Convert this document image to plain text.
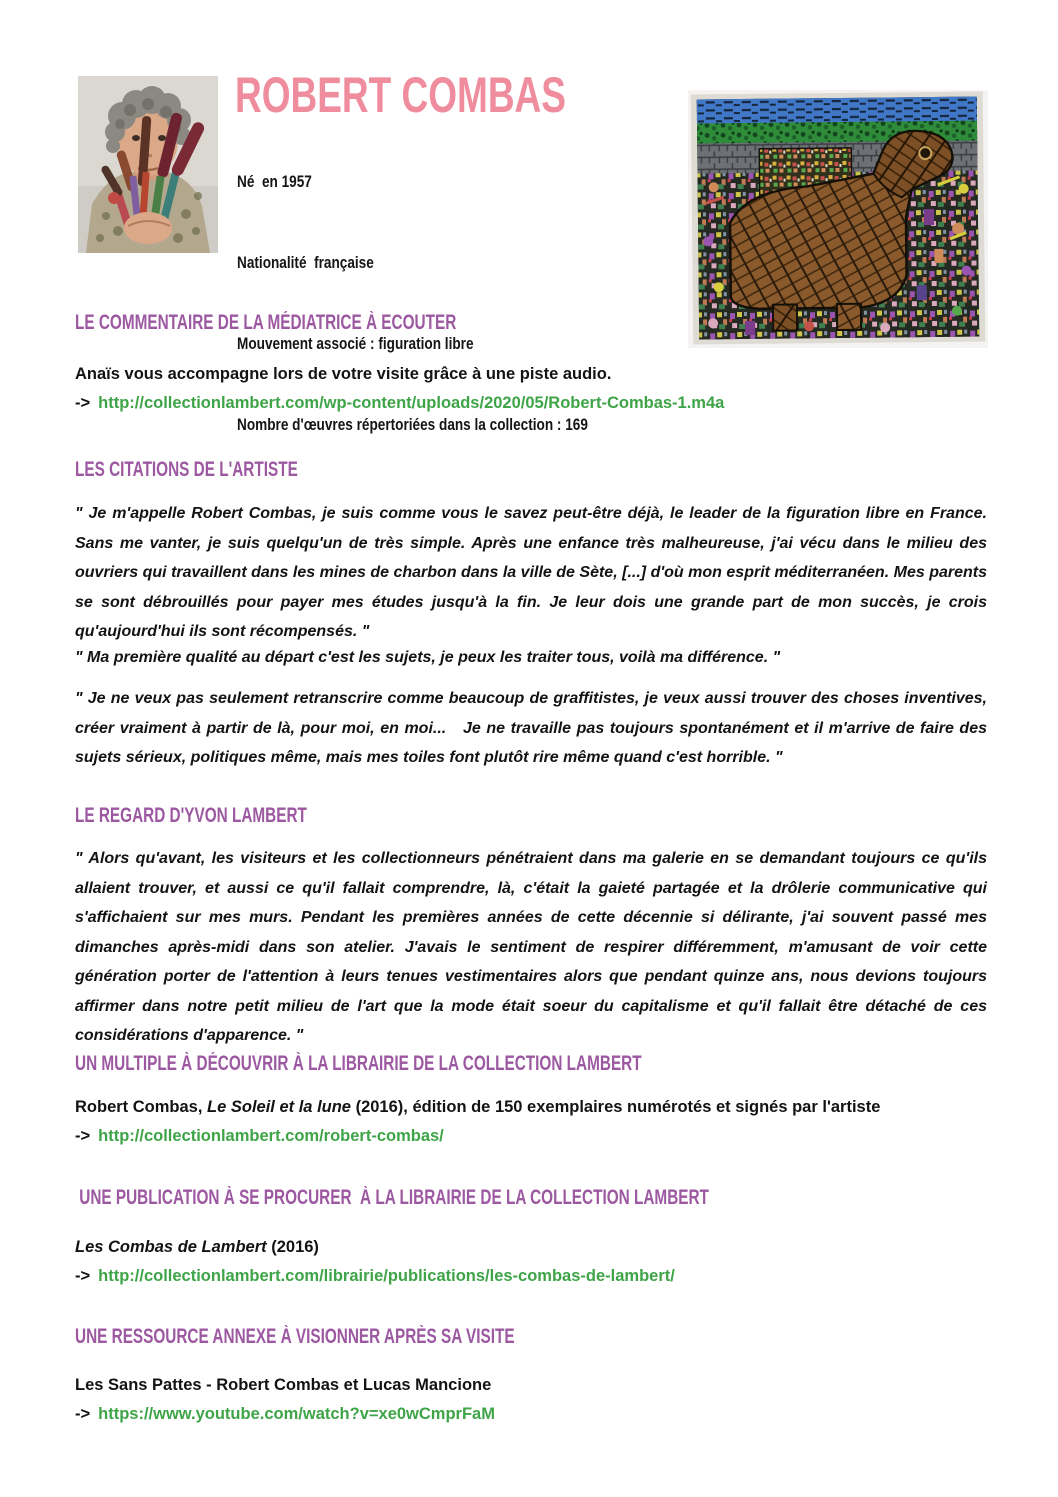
ROBERT COMBAS

Né  en 1957

Nationalité  française

Mouvement associé : figuration libre

Nombre d'œuvres répertoriées dans la collection : 169

LE COMMENTAIRE DE LA MÉDIATRICE À ECOUTER
Anaïs vous accompagne lors de votre visite grâce à une piste audio.
-> http://collectionlambert.com/wp-content/uploads/2020/05/Robert-Combas-1.m4a
LES CITATIONS DE L'ARTISTE
" Je m'appelle Robert Combas, je suis comme vous le savez peut-être déjà, le leader de la figuration libre en France. Sans me vanter, je suis quelqu'un de très simple. Après une enfance très malheureuse, j'ai vécu dans le milieu des ouvriers qui travaillent dans les mines de charbon dans la ville de Sète, [...] d'où mon esprit méditerranéen. Mes parents se sont débrouillés pour payer mes études jusqu'à la fin. Je leur dois une grande part de mon succès, je crois qu'aujourd'hui ils sont récompensés. "
" Ma première qualité au départ c'est les sujets, je peux les traiter tous, voilà ma différence. "
" Je ne veux pas seulement retranscrire comme beaucoup de graffitistes, je veux aussi trouver des choses inventives, créer vraiment à partir de là, pour moi, en moi...   Je ne travaille pas toujours spontanément et il m'arrive de faire des sujets sérieux, politiques même, mais mes toiles font plutôt rire même quand c'est horrible. "
LE REGARD D'YVON LAMBERT
" Alors qu'avant, les visiteurs et les collectionneurs pénétraient dans ma galerie en se demandant toujours ce qu'ils allaient trouver, et aussi ce qu'il fallait comprendre, là, c'était la gaieté partagée et la drôlerie communicative qui s'affichaient sur mes murs. Pendant les premières années de cette décennie si délirante, j'ai souvent passé mes dimanches après-midi dans son atelier. J'avais le sentiment de respirer différemment, m'amusant de voir cette génération porter de l'attention à leurs tenues vestimentaires alors que pendant quinze ans, nous devions toujours affirmer dans notre petit milieu de l'art que la mode était soeur du capitalisme et qu'il fallait être détaché de ces considérations d'apparence. "
UN MULTIPLE À DÉCOUVRIR À LA LIBRAIRIE DE LA COLLECTION LAMBERT
Robert Combas, Le Soleil et la lune (2016), édition de 150 exemplaires numérotés et signés par l'artiste
-> http://collectionlambert.com/robert-combas/
UNE PUBLICATION À SE PROCURER  À LA LIBRAIRIE DE LA COLLECTION LAMBERT
Les Combas de Lambert (2016)
-> http://collectionlambert.com/librairie/publications/les-combas-de-lambert/
UNE RESSOURCE ANNEXE À VISIONNER APRÈS SA VISITE
Les Sans Pattes - Robert Combas et Lucas Mancione
-> https://www.youtube.com/watch?v=xe0wCmprFaM
